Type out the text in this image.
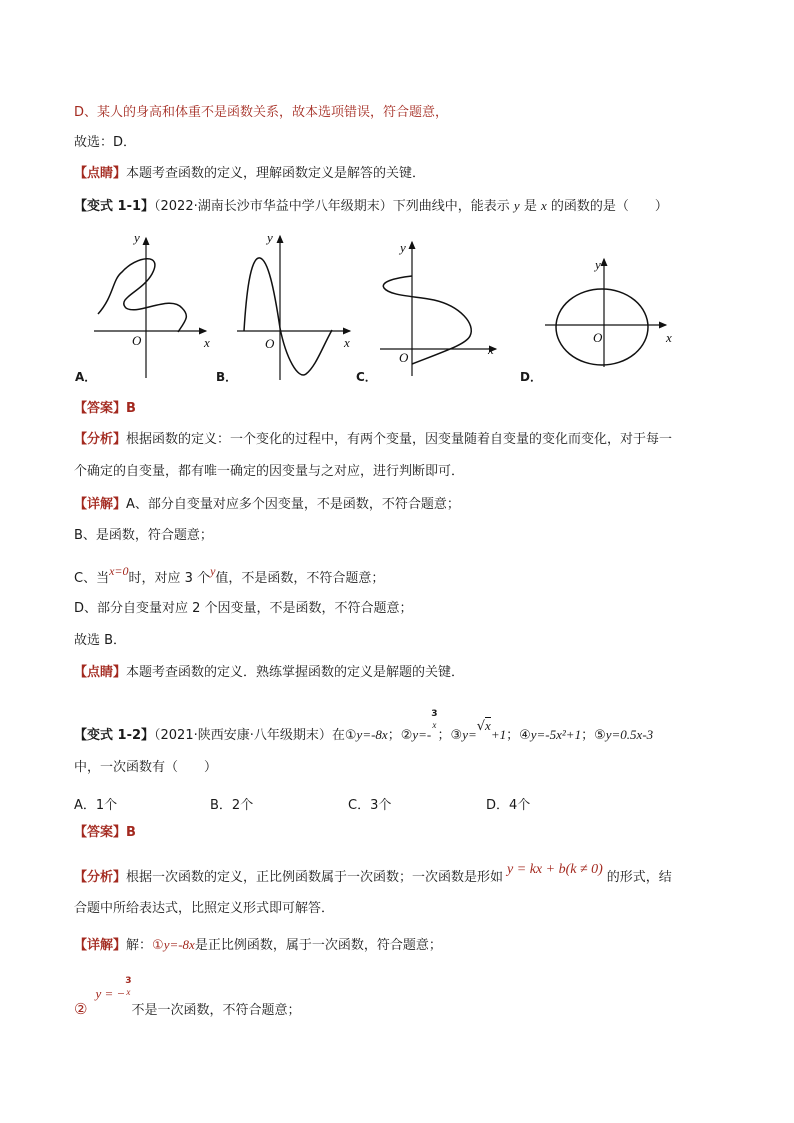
D、某人的身高和体重不是函数关系，故本选项错误，符合题意，
故选：D．
【点睛】本题考查函数的定义，理解函数定义是解答的关键．
【变式 1-1】（2022·湖南长沙市华益中学八年级期末）下列曲线中，能表示 y 是 x 的函数的是（　　）
x
y
O
A．
x
y
O
B．
x
y
O
C．
x
y
O
D．
【答案】B
【分析】根据函数的定义：一个变化的过程中，有两个变量，因变量随着自变量的变化而变化，对于每一
个确定的自变量，都有唯一确定的因变量与之对应，进行判断即可．
【详解】A、部分自变量对应多个因变量，不是函数，不符合题意；
B、是函数，符合题意；
C、当x=0时，对应 3 个y值，不是函数，不符合题意；
D、部分自变量对应 2 个因变量，不是函数，不符合题意；
故选 B．
【点睛】本题考查函数的定义．熟练掌握函数的定义是解题的关键．
【变式 1-2】（2021·陕西安康·八年级期末）在①y=-8x；②y=-
3
x
；③y=√x+1；④y=-5x²+1；⑤y=0.5x-3
中，一次函数有（　　）
A．1个	B．2个	C．3个	D．4个
【答案】B
【分析】根据一次函数的定义，正比例函数属于一次函数；一次函数是形如y = kx + b(k ≠ 0)的形式，结
合题中所给表达式，比照定义形式即可解答．
【详解】解：①y=-8x是正比例函数，属于一次函数，符合题意；
②y = −
3
x
不是一次函数，不符合题意；
